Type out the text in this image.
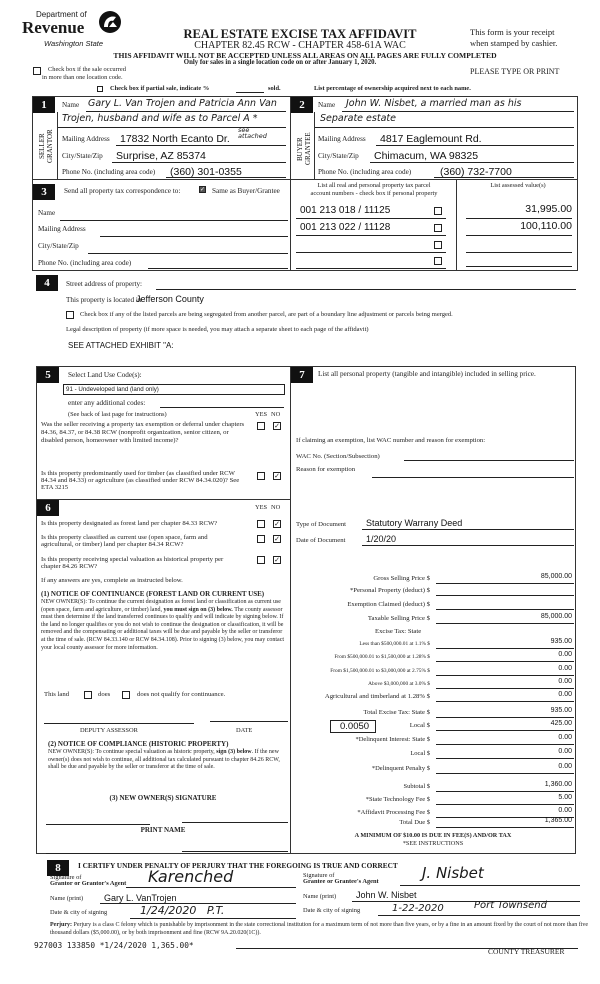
Department of
Revenue
Washington State
REAL ESTATE EXCISE TAX AFFIDAVIT
CHAPTER 82.45 RCW - CHAPTER 458-61A WAC
This form is your receipt
when stamped by cashier.
THIS AFFIDAVIT WILL NOT BE ACCEPTED UNLESS ALL AREAS ON ALL PAGES ARE FULLY COMPLETED
Only for sales in a single location code on or after January 1, 2020.
Check box if the sale occurred
in more than one location code.
PLEASE TYPE OR PRINT
Check box if partial sale, indicate %	sold.	List percentage of ownership acquired next to each name.
1
SELLER GRANTOR
Name Gary L. Van Trojen and Patricia Ann Van
Trojen, husband and wife as to Parcel A *
see attached
Mailing Address 17832 North Ecanto Dr.
City/State/Zip Surprise, AZ 85374
Phone No. (including area code) (360) 301-0355
2
BUYER GRANTEE
Name John W. Nisbet, a married man as his
Separate estate
Mailing Address 4817 Eaglemount Rd.
City/State/Zip Chimacum, WA 98325
Phone No. (including area code)	(360) 732-7700
3	Send all property tax correspondence to:	✓ Same as Buyer/Grantee
Name
Mailing Address
City/State/Zip
Phone No. (including area code)
List all real and personal property tax parcel
account numbers - check box if personal property
List assessed value(s)
001 213 018 / 11125	31,995.00
001 213 022 / 11128	100,110.00
4	Street address of property:
This property is located in
Jefferson County
Check box if any of the listed parcels are being segregated from another parcel, are part of a boundary line adjustment or parcels being merged.
Legal description of property (if more space is needed, you may attach a separate sheet to each page of the affidavit)
SEE ATTACHED EXHIBIT "A:
5	Select Land Use Code(s):
91 - Undeveloped land (land only)
enter any additional codes:
(See back of last page for instructions)	YES NO
Was the seller receiving a property tax exemption or deferral under chapters 84.36, 84.37, or 84.38 RCW (nonprofit organization, senior citizen, or disabled person, homeowner with limited income)?
✓
Is this property predominantly used for timber (as classified under RCW 84.34 and 84.33) or agriculture (as classified under RCW 84.34.020)? See ETA 3215
✓
6	YES NO
Is this property designated as forest land per chapter 84.33 RCW?	✓
Is this property classified as current use (open space, farm and agricultural, or timber) land per chapter 84.34 RCW?
✓
Is this property receiving special valuation as historical property per chapter 84.26 RCW?
✓
If any answers are yes, complete as instructed below.
(1) NOTICE OF CONTINUANCE (FOREST LAND OR CURRENT USE)
NEW OWNER(S): To continue the current designation as forest land or classification as current use (open space, farm and agriculture, or timber) land, you must sign on (3) below. The county assessor must then determine if the land transferred continues to qualify and will indicate by signing below. If the land no longer qualifies or you do not wish to continue the designation or classification, it will be removed and the compensating or additional taxes will be due and payable by the seller or transferor at the time of sale. (RCW 84.33.140 or RCW 84.34.108). Prior to signing (3) below, you may contact your local county assessor for more information.
This land	does	does not qualify for continuance.
DEPUTY ASSESSOR	DATE
(2) NOTICE OF COMPLIANCE (HISTORIC PROPERTY)
NEW OWNER(S): To continue special valuation as historic property, sign (3) below. If the new owner(s) does not wish to continue, all additional tax calculated pursuant to chapter 84.26 RCW, shall be due and payable by the seller or transferor at the time of sale.
(3) NEW OWNER(S) SIGNATURE
PRINT NAME
7	List all personal property (tangible and intangible) included in selling price.
If claiming an exemption, list WAC number and reason for exemption:
WAC No. (Section/Subsection)
Reason for exemption
Type of Document Statutory Warrany Deed
Date of Document 1/20/20
Gross Selling Price $	85,000.00
*Personal Property (deduct) $
Exemption Claimed (deduct) $
Taxable Selling Price $	85,000.00
Excise Tax: State
Less than $500,000.01 at 1.1% $	935.00
From $500,000.01 to $1,500,000 at 1.28% $	0.00
From $1,500,000.01 to $3,000,000 at 2.75% $	0.00
Above $3,000,000 at 3.0% $	0.00
Agricultural and timberland at 1.28% $	0.00
Total Excise Tax: State $	935.00
Local $	425.00
*Delinquent Interest: State $	0.00
Local $	0.00
*Delinquent Penalty $	0.00
Subtotal $	1,360.00
*State Technology Fee $	5.00
*Affidavit Processing Fee $	0.00
Total Due $	1,365.00
0.0050
A MINIMUM OF $10.00 IS DUE IN FEE(S) AND/OR TAX
*SEE INSTRUCTIONS
8	I CERTIFY UNDER PENALTY OF PERJURY THAT THE FOREGOING IS TRUE AND CORRECT
Signature of
Grantor or Grantor's Agent Karenched
Name (print) Gary L. VanTrojen
Date & city of signing	1/24/2020   P.T.
Signature of
Grantee or Grantee's Agent	J. Nisbet
Name (print) John W. Nisbet
Date & city of signing	1-22-2020	Port Townsend
Perjury: Perjury is a class C felony which is punishable by imprisonment in the state correctional institution for a maximum term of not more than five years, or by a fine in an amount fixed by the court of not more than five thousand dollars ($5,000.00), or by both imprisonment and fine (RCW 9A.20.020(1C)).
927003 133850 *1/24/2020 1,365.00*
COUNTY TREASURER
